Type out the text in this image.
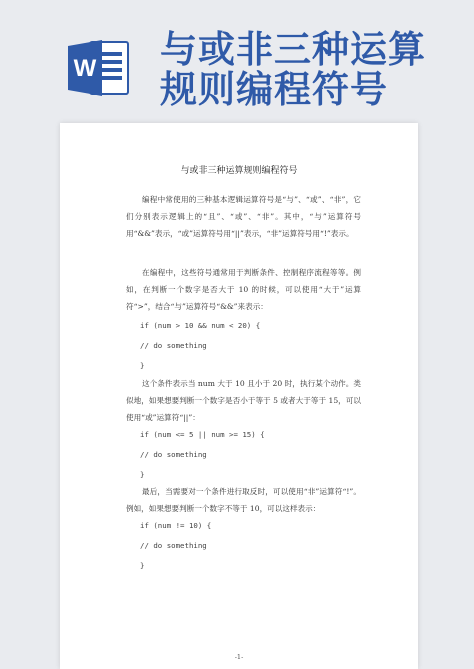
W 与或非三种运算规则编程符号
与或非三种运算规则编程符号

编程中常使用的三种基本逻辑运算符号是“与”、“或”、“非”，它们分别表示逻辑上的“且”、“或”、“非”。其中，“与”运算符号用“&&”表示，“或”运算符号用“||”表示，“非”运算符号用“!”表示。

在编程中，这些符号通常用于判断条件、控制程序流程等等。例如，在判断一个数字是否大于 10 的时候，可以使用“大于”运算符“>”，结合“与”运算符号“&&”来表示：

if (num > 10 && num < 20) {
// do something
}

这个条件表示当 num 大于 10 且小于 20 时，执行某个动作。类似地，如果想要判断一个数字是否小于等于 5 或者大于等于 15，可以使用“或”运算符“||”：

if (num <= 5 || num >= 15) {
// do something
}

最后，当需要对一个条件进行取反时，可以使用“非”运算符“!”。例如，如果想要判断一个数字不等于 10，可以这样表示：

if (num != 10) {
// do something
}
-1-
